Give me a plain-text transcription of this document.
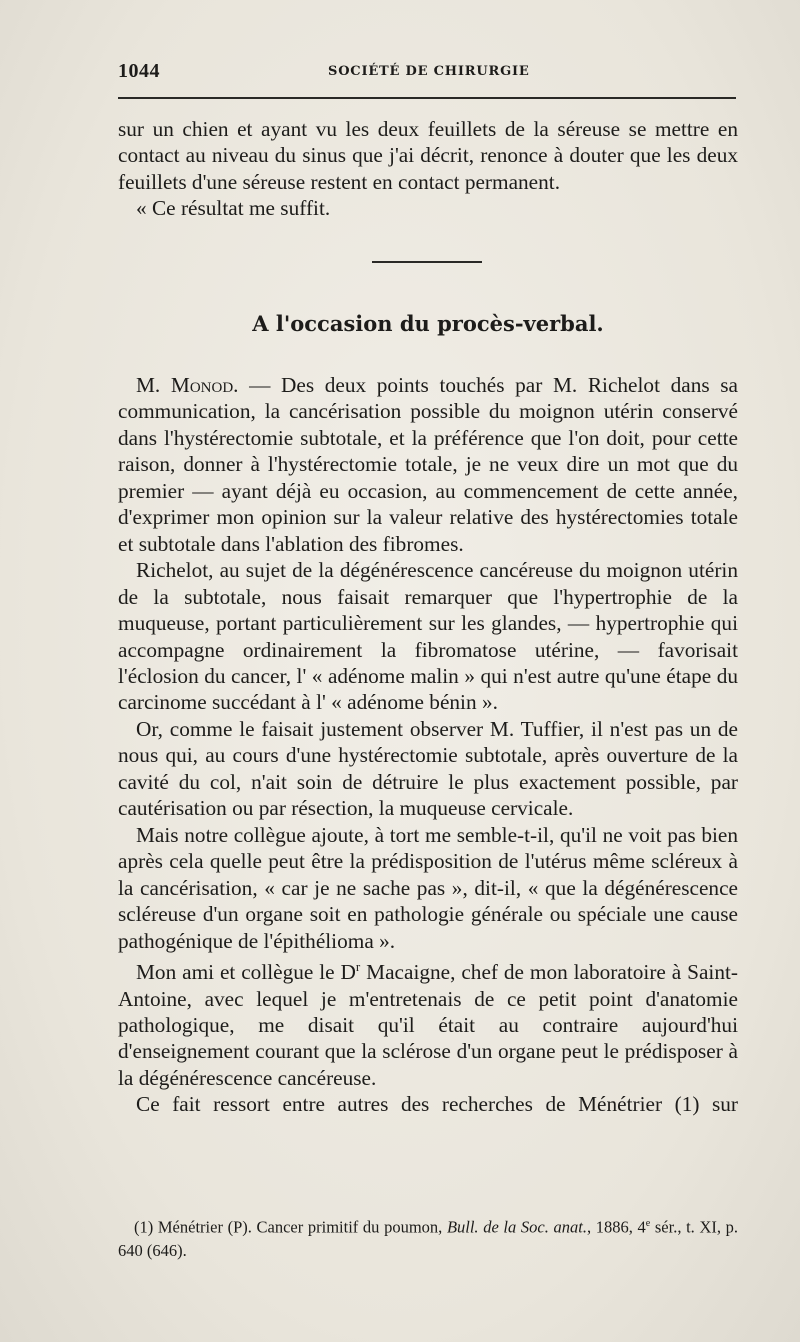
1044	SOCIÉTÉ DE CHIRURGIE

sur un chien et ayant vu les deux feuillets de la séreuse se mettre en contact au niveau du sinus que j'ai décrit, renonce à douter que les deux feuillets d'une séreuse restent en contact permanent.

« Ce résultat me suffit.

A l'occasion du procès-verbal.

M. Monod. — Des deux points touchés par M. Richelot dans sa communication, la cancérisation possible du moignon utérin conservé dans l'hystérectomie subtotale, et la préférence que l'on doit, pour cette raison, donner à l'hystérectomie totale, je ne veux dire un mot que du premier — ayant déjà eu occasion, au commencement de cette année, d'exprimer mon opinion sur la valeur relative des hystérectomies totale et subtotale dans l'ablation des fibromes.

Richelot, au sujet de la dégénérescence cancéreuse du moignon utérin de la subtotale, nous faisait remarquer que l'hypertrophie de la muqueuse, portant particulièrement sur les glandes, — hypertrophie qui accompagne ordinairement la fibromatose utérine, — favorisait l'éclosion du cancer, l' « adénome malin » qui n'est autre qu'une étape du carcinome succédant à l' « adénome bénin ».

Or, comme le faisait justement observer M. Tuffier, il n'est pas un de nous qui, au cours d'une hystérectomie subtotale, après ouverture de la cavité du col, n'ait soin de détruire le plus exactement possible, par cautérisation ou par résection, la muqueuse cervicale.

Mais notre collègue ajoute, à tort me semble-t-il, qu'il ne voit pas bien après cela quelle peut être la prédisposition de l'utérus même scléreux à la cancérisation, « car je ne sache pas », dit-il, « que la dégénérescence scléreuse d'un organe soit en pathologie générale ou spéciale une cause pathogénique de l'épithélioma ».

Mon ami et collègue le $D^r$ Macaigne, chef de mon laboratoire à Saint-Antoine, avec lequel je m'entretenais de ce petit point d'anatomie pathologique, me disait qu'il était au contraire aujourd'hui d'enseignement courant que la sclérose d'un organe peut le prédisposer à la dégénérescence cancéreuse.

Ce fait ressort entre autres des recherches de Ménétrier (1) sur

(1) Ménétrier (P). Cancer primitif du poumon, Bull. de la Soc. anat., 1886, 4e sér., t. XI, p. 640 (646).
